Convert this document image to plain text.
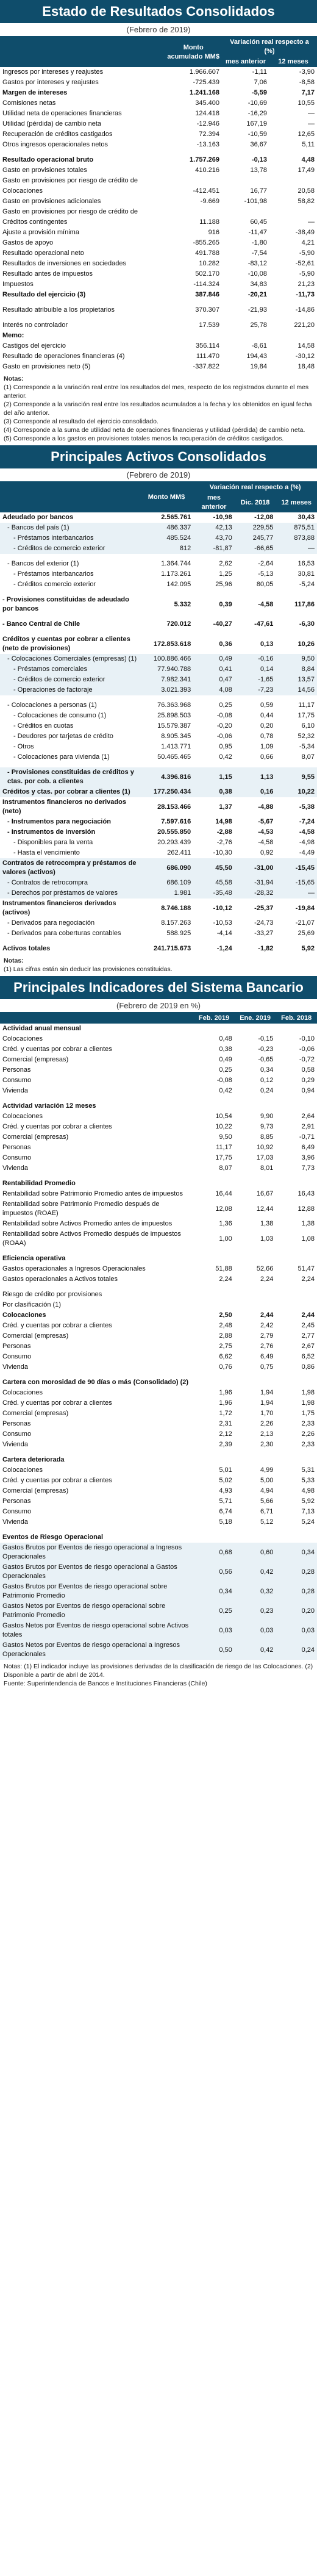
Estado de Resultados Consolidados
(Febrero de 2019)
	Monto acumulado MM$	Variación real respecto a (%)	
		mes anterior	12 meses
Ingresos por intereses y reajustes	1.966.607	-1,11	-3,90
Gastos por intereses y reajustes	-725.439	7,06	-8,58
Margen de intereses	1.241.168	-5,59	7,17
Comisiones netas	345.400	-10,69	10,55
Utilidad neta de operaciones financieras	124.418	-16,29	—
Utilidad (pérdida) de cambio neta	-12.946	167,19	—
Recuperación de créditos castigados	72.394	-10,59	12,65
Otros ingresos operacionales netos	-13.163	36,67	5,11

Resultado operacional bruto	1.757.269	-0,13	4,48
Gasto en provisiones totales	410.216	13,78	17,49
Gasto en provisiones por riesgo de crédito de			
Colocaciones	-412.451	16,77	20,58
Gasto en provisiones adicionales	-9.669	-101,98	58,82
Gasto en provisiones por riesgo de crédito de			
Créditos contingentes	11.188	60,45	—
Ajuste a provisión mínima	916	-11,47	-38,49
Gastos de apoyo	-855.265	-1,80	4,21
Resultado operacional neto	491.788	-7,54	-5,90
Resultados de inversiones en sociedades	10.282	-83,12	-52,61
Resultado antes de impuestos	502.170	-10,08	-5,90
Impuestos	-114.324	34,83	21,23
Resultado del ejercicio (3)	387.846	-20,21	-11,73

Resultado atribuible a los propietarios	370.307	-21,93	-14,86

Interés no controlador	17.539	25,78	221,20
Memo:			
Castigos del ejercicio	356.114	-8,61	14,58
Resultado de operaciones financieras (4)	111.470	194,43	-30,12
Gasto en provisiones neto (5)	-337.822	19,84	18,48
Notas:
(1) Corresponde a la variación real entre los resultados del mes, respecto de los registrados durante el mes anterior.
(2) Corresponde a la variación real entre los resultados acumulados a la fecha y los obtenidos en igual fecha del año anterior.
(3) Corresponde al resultado del ejercicio consolidado.
(4) Corresponde a la suma de utilidad neta de operaciones financieras y utilidad (pérdida) de cambio neta.
(5) Corresponde a los gastos en provisiones totales menos la recuperación de créditos castigados.
Principales Activos Consolidados
(Febrero de 2019)
	Monto MM$	Variación real respecto a (%)		
		mes anterior	Dic. 2018	12 meses
Adeudado por bancos	2.565.761	-10,98	-12,08	30,43
- Bancos del país (1)	486.337	42,13	229,55	875,51
- Préstamos interbancarios	485.524	43,70	245,77	873,88
- Créditos de comercio exterior	812	-81,87	-66,65	—

- Bancos del exterior (1)	1.364.744	2,62	-2,64	16,53
- Préstamos interbancarios	1.173.261	1,25	-5,13	30,81
- Créditos comercio exterior	142.095	25,96	80,05	-5,24

- Provisiones constituidas de adeudado por bancos	5.332	0,39	-4,58	117,86

- Banco Central de Chile	720.012	-40,27	-47,61	-6,30

Créditos y cuentas por cobrar a clientes (neto de provisiones)	172.853.618	0,36	0,13	10,26
- Colocaciones Comerciales (empresas) (1)	100.886.466	0,49	-0,16	9,50
- Préstamos comerciales	77.940.788	0,41	0,14	8,84
- Créditos de comercio exterior	7.982.341	0,47	-1,65	13,57
- Operaciones de factoraje	3.021.393	4,08	-7,23	14,56

- Colocaciones a personas (1)	76.363.968	0,25	0,59	11,17
- Colocaciones de consumo (1)	25.898.503	-0,08	0,44	17,75
- Créditos en cuotas	15.579.387	-0,20	0,20	6,10
- Deudores por tarjetas de crédito	8.905.345	-0,06	0,78	52,32
- Otros	1.413.771	0,95	1,09	-5,34
- Colocaciones para vivienda (1)	50.465.465	0,42	0,66	8,07

- Provisiones constituidas de créditos y ctas. por cob. a clientes	4.396.816	1,15	1,13	9,55
Créditos y ctas. por cobrar a clientes (1)	177.250.434	0,38	0,16	10,22
Instrumentos financieros no derivados (neto)	28.153.466	1,37	-4,88	-5,38
- Instrumentos para negociación	7.597.616	14,98	-5,67	-7,24
- Instrumentos de inversión	20.555.850	-2,88	-4,53	-4,58
- Disponibles para la venta	20.293.439	-2,76	-4,58	-4,98
- Hasta el vencimiento	262.411	-10,30	0,92	-4,49
Contratos de retrocompra y préstamos de valores (activos)	686.090	45,50	-31,00	-15,45
- Contratos de retrocompra	686.109	45,58	-31,94	-15,65
- Derechos por préstamos de valores	1.981	-35,48	-28,32	—
Instrumentos financieros derivados (activos)	8.746.188	-10,12	-25,37	-19,84
- Derivados para negociación	8.157.263	-10,53	-24,73	-21,07
- Derivados para coberturas contables	588.925	-4,14	-33,27	25,69

Activos totales	241.715.673	-1,24	-1,82	5,92
Notas:
(1) Las cifras están sin deducir las provisiones constituidas.
Principales Indicadores del Sistema Bancario
(Febrero de 2019 en %)
	Feb. 2019	Ene. 2019	Feb. 2018
Actividad anual mensual			
Colocaciones	0,48	-0,15	-0,10
Créd. y cuentas por cobrar a clientes	0,38	-0,23	-0,06
Comercial (empresas)	0,49	-0,65	-0,72
Personas	0,25	0,34	0,58
Consumo	-0,08	0,12	0,29
Vivienda	0,42	0,24	0,94

Actividad variación 12 meses			
Colocaciones	10,54	9,90	2,64
Créd. y cuentas por cobrar a clientes	10,22	9,73	2,91
Comercial (empresas)	9,50	8,85	-0,71
Personas	11,17	10,92	6,49
Consumo	17,75	17,03	3,96
Vivienda	8,07	8,01	7,73

Rentabilidad Promedio			
Rentabilidad sobre Patrimonio Promedio antes de impuestos	16,44	16,67	16,43
Rentabilidad sobre Patrimonio Promedio después de impuestos (ROAE)	12,08	12,44	12,88
Rentabilidad sobre Activos Promedio antes de impuestos	1,36	1,38	1,38
Rentabilidad sobre Activos Promedio después de impuestos (ROAA)	1,00	1,03	1,08

Eficiencia operativa			
Gastos operacionales a Ingresos Operacionales	51,88	52,66	51,47
Gastos operacionales a Activos totales	2,24	2,24	2,24

Riesgo de crédito por provisiones			
Por clasificación (1)			
Colocaciones	2,50	2,44	2,44
Créd. y cuentas por cobrar a clientes	2,48	2,42	2,45
Comercial (empresas)	2,88	2,79	2,77
Personas	2,75	2,76	2,67
Consumo	6,62	6,49	6,52
Vivienda	0,76	0,75	0,86

Cartera con morosidad de 90 días o más (Consolidado) (2)			
Colocaciones	1,96	1,94	1,98
Créd. y cuentas por cobrar a clientes	1,96	1,94	1,98
Comercial (empresas)	1,72	1,70	1,75
Personas	2,31	2,26	2,33
Consumo	2,12	2,13	2,26
Vivienda	2,39	2,30	2,33

Cartera deteriorada			
Colocaciones	5,01	4,99	5,31
Créd. y cuentas por cobrar a clientes	5,02	5,00	5,33
Comercial (empresas)	4,93	4,94	4,98
Personas	5,71	5,66	5,92
Consumo	6,74	6,71	7,13
Vivienda	5,18	5,12	5,24

Eventos de Riesgo Operacional			
Gastos Brutos por Eventos de riesgo operacional a Ingresos Operacionales	0,68	0,60	0,34
Gastos Brutos por Eventos de riesgo operacional a Gastos Operacionales	0,56	0,42	0,28
Gastos Brutos por Eventos de riesgo operacional sobre Patrimonio Promedio	0,34	0,32	0,28
Gastos Netos por Eventos de riesgo operacional sobre Patrimonio Promedio	0,25	0,23	0,20
Gastos Netos por Eventos de riesgo operacional sobre Activos totales	0,03	0,03	0,03
Gastos Netos por Eventos de riesgo operacional a Ingresos Operacionales	0,50	0,42	0,24
Notas: (1) El indicador incluye las provisiones derivadas de la clasificación de riesgo de las Colocaciones. (2) Disponible a partir de abril de 2014.
Fuente: Superintendencia de Bancos e Instituciones Financieras (Chile)
